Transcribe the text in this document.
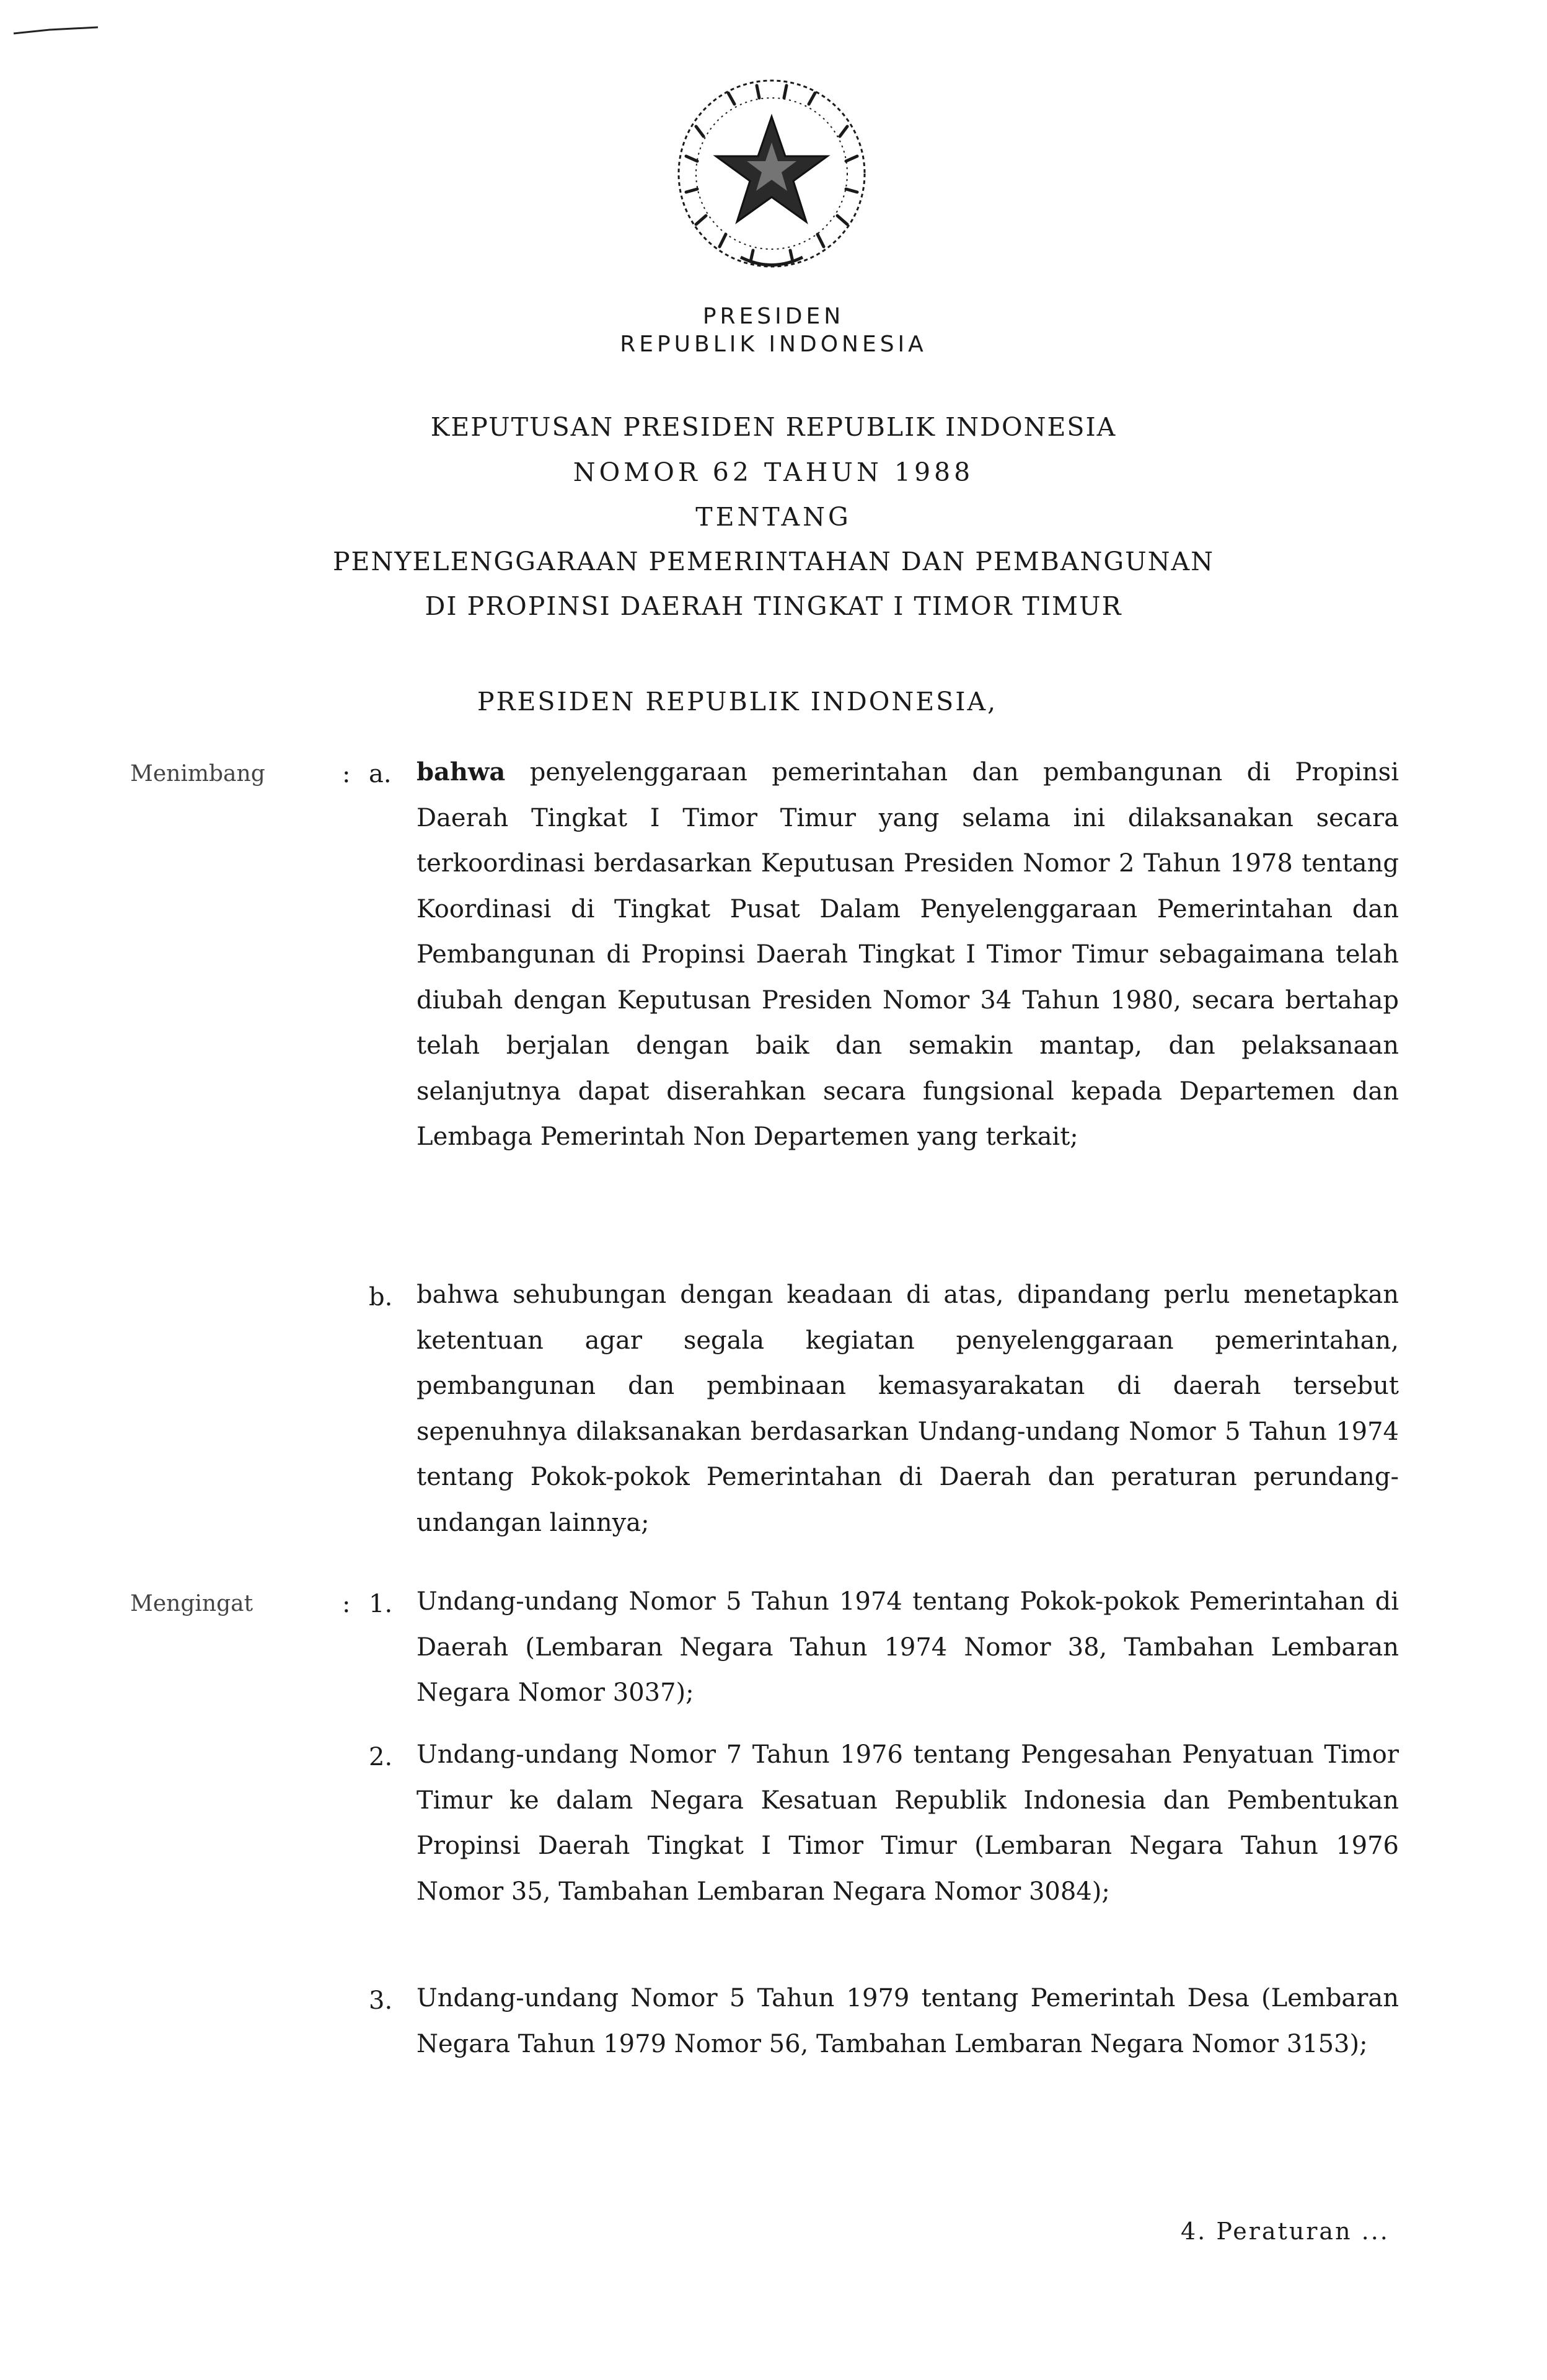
PRESIDEN
REPUBLIK INDONESIA
KEPUTUSAN PRESIDEN REPUBLIK INDONESIA
NOMOR 62 TAHUN 1988
TENTANG
PENYELENGGARAAN PEMERINTAHAN DAN PEMBANGUNAN
DI PROPINSI DAERAH TINGKAT I TIMOR TIMUR
PRESIDEN REPUBLIK INDONESIA,
Menimbang	: a. bahwa penyelenggaraan pemerintahan dan pembangunan di Propinsi Daerah Tingkat I Timor Timur yang selama ini dilaksanakan secara terkoordinasi berdasarkan Keputusan Presiden Nomor 2 Tahun 1978 tentang Koordinasi di Tingkat Pusat Dalam Penyelenggaraan Pemerintahan dan Pembangunan di Propinsi Daerah Tingkat I Timor Timur sebagaimana telah diubah dengan Keputusan Presiden Nomor 34 Tahun 1980, secara bertahap telah berjalan dengan baik dan semakin mantap, dan pelaksanaan selanjutnya dapat diserahkan secara fungsional kepada Departemen dan Lembaga Pemerintah Non Departemen yang terkait;

b. bahwa sehubungan dengan keadaan di atas, dipandang perlu menetapkan ketentuan agar segala kegiatan penyelenggaraan pemerintahan, pembangunan dan pembinaan kemasyarakatan di daerah tersebut sepenuhnya dilaksanakan berdasarkan Undang-undang Nomor 5 Tahun 1974 tentang Pokok-pokok Pemerintahan di Daerah dan peraturan perundang-undangan lainnya;

Mengingat	: 1. Undang-undang Nomor 5 Tahun 1974 tentang Pokok-pokok Pemerintahan di Daerah (Lembaran Negara Tahun 1974 Nomor 38, Tambahan Lembaran Negara Nomor 3037);

2. Undang-undang Nomor 7 Tahun 1976 tentang Pengesahan Penyatuan Timor Timur ke dalam Negara Kesatuan Republik Indonesia dan Pembentukan Propinsi Daerah Tingkat I Timor Timur (Lembaran Negara Tahun 1976 Nomor 35, Tambahan Lembaran Negara Nomor 3084);

3. Undang-undang Nomor 5 Tahun 1979 tentang Pemerintah Desa (Lembaran Negara Tahun 1979 Nomor 56, Tambahan Lembaran Negara Nomor 3153);

4. Peraturan ...
